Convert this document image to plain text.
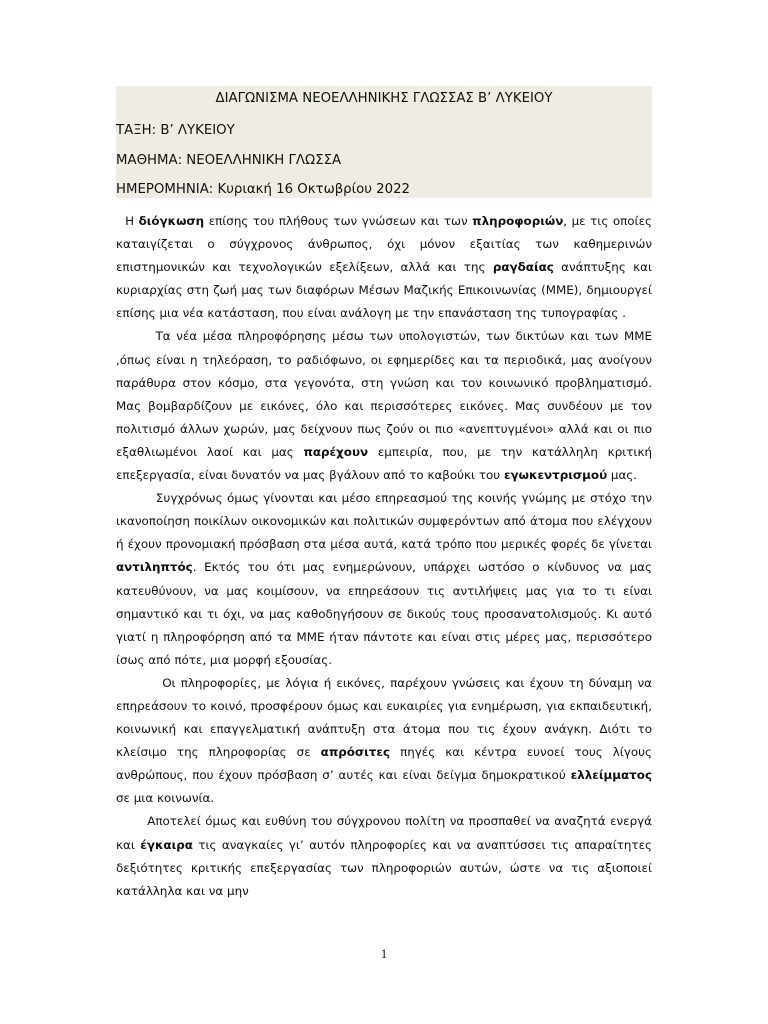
ΔΙΑΓΩΝΙΣΜΑ ΝΕΟΕΛΛΗΝΙΚΗΣ ΓΛΩΣΣΑΣ Β’ ΛΥΚΕΙΟΥ
ΤΑΞΗ: Β’ ΛΥΚΕΙΟΥ
ΜΑΘΗΜΑ: ΝΕΟΕΛΛΗΝΙΚΗ ΓΛΩΣΣΑ
ΗΜΕΡΟΜΗΝΙΑ: Κυριακή 16 Οκτωβρίου 2022

Η διόγκωση επίσης του πλήθους των γνώσεων και των πληροφοριών, με τις οποίες καταιγίζεται ο σύγχρονος άνθρωπος, όχι μόνον εξαιτίας των καθημερινών επιστημονικών και τεχνολογικών εξελίξεων, αλλά και της ραγδαίας ανάπτυξης και κυριαρχίας στη ζωή μας των διαφόρων Μέσων Μαζικής Επικοινωνίας (ΜΜΕ), δημιουργεί επίσης μια νέα κατάσταση, που είναι ανάλογη με την επανάσταση της τυπογραφίας .

Τα νέα μέσα πληροφόρησης μέσω των υπολογιστών, των δικτύων και των ΜΜΕ ,όπως είναι η τηλεόραση, το ραδιόφωνο, οι εφημερίδες και τα περιοδικά, μας ανοίγουν παράθυρα στον κόσμο, στα γεγονότα, στη γνώση και τον κοινωνικό προβληματισμό. Μας βομβαρδίζουν με εικόνες, όλο και περισσότερες εικόνες. Μας συνδέουν με τον πολιτισμό άλλων χωρών, μας δείχνουν πως ζούν οι πιο «ανεπτυγμένοι» αλλά και οι πιο εξαθλιωμένοι λαοί και μας παρέχουν εμπειρία, που, με την κατάλληλη κριτική επεξεργασία, είναι δυνατόν να μας βγάλουν από το καβούκι του εγωκεντρισμού μας.

Συγχρόνως όμως γίνονται και μέσο επηρεασμού της κοινής γνώμης με στόχο την ικανοποίηση ποικίλων οικονομικών και πολιτικών συμφερόντων από άτομα που ελέγχουν ή έχουν προνομιακή πρόσβαση στα μέσα αυτά, κατά τρόπο που μερικές φορές δε γίνεται αντιληπτός. Εκτός του ότι μας ενημερώνουν, υπάρχει ωστόσο ο κίνδυνος να μας κατευθύνουν, να μας κοιμίσουν, να επηρεάσουν τις αντιλήψεις μας για το τι είναι σημαντικό και τι όχι, να μας καθοδηγήσουν σε δικούς τους προσανατολισμούς. Κι αυτό γιατί η πληροφόρηση από τα ΜΜΕ ήταν πάντοτε και είναι στις μέρες μας, περισσότερο ίσως από πότε, μια μορφή εξουσίας.

Οι πληροφορίες, με λόγια ή εικόνες, παρέχουν γνώσεις και έχουν τη δύναμη να επηρεάσουν το κοινό, προσφέρουν όμως και ευκαιρίες για ενημέρωση, για εκπαιδευτική, κοινωνική και επαγγελματική ανάπτυξη στα άτομα που τις έχουν ανάγκη. Διότι το κλείσιμο της πληροφορίας σε απρόσιτες πηγές και κέντρα ευνοεί τους λίγους ανθρώπους, που έχουν πρόσβαση σ’ αυτές και είναι δείγμα δημοκρατικού ελλείμματος σε μια κοινωνία.

Αποτελεί όμως και ευθύνη του σύγχρονου πολίτη να προσπαθεί να αναζητά ενεργά και έγκαιρα τις αναγκαίες γι’ αυτόν πληροφορίες και να αναπτύσσει τις απαραίτητες δεξιότητες κριτικής επεξεργασίας των πληροφοριών αυτών, ώστε να τις αξιοποιεί κατάλληλα και να μην

1
